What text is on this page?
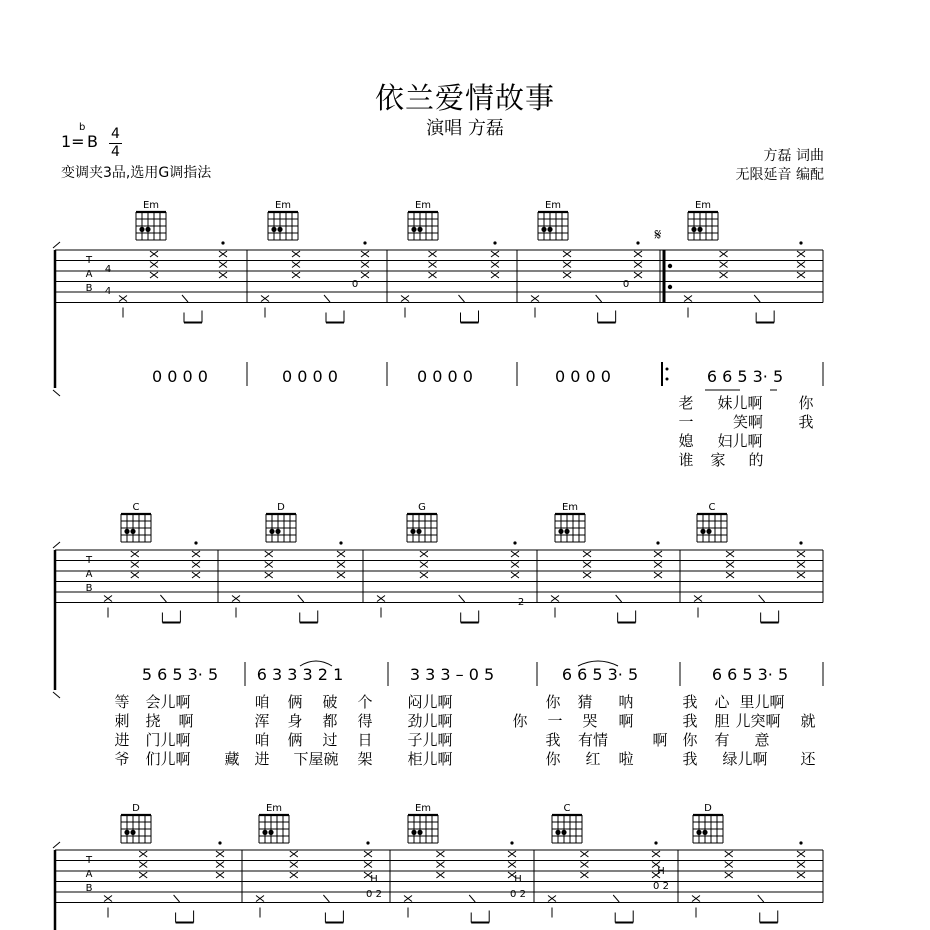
依兰爱情故事
演唱 方磊
1=
b
B 4
4
变调夹3品,选用G调指法
方磊 词曲
无限延音 编配
T
A
B
4
4
Em	Em	Em	Em	Em
𝄋
0	0
0 0 0 0	0 0 0 0	0 0 0 0	0 0 0 0	6 6 5 3· 5
老 妹儿啊 你
一	笑啊 我
媳 妇儿啊
谁 家 的
T
A
B
C	D	G	Em	C
2
5 6 5 3· 5 6 3 3 3 2 1	3 3 3 – 0 5	6 6 5 3· 5	6 6 5 3· 5
等 会儿啊	咱 俩 破 个 闷儿啊	你 猜 呐	我 心 里儿啊
刺 挠 啊	浑 身 都 得 劲儿啊	你 一 哭 啊	我 胆 儿突啊 就
进 门儿啊	咱 俩 过 日 子儿啊	我 有情	啊 你 有 意
爷 们儿啊 藏 进 下屋碗 架 柜儿啊	你 红 啦	我 绿儿啊 还
T
A
B
D	Em	Em	C	D
H
0 2
H
0 2
H
0 2
